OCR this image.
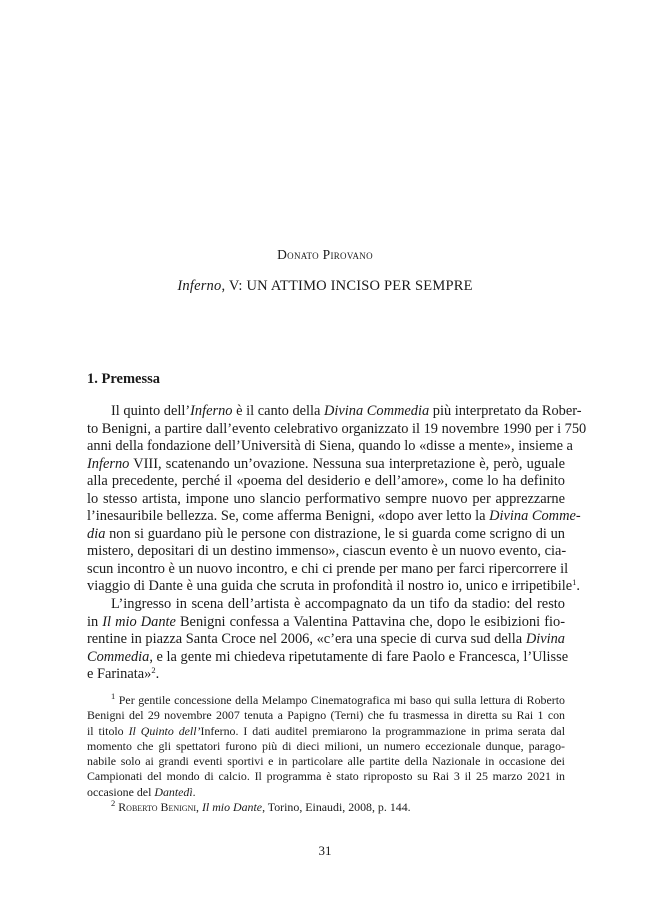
Donato Pirovano
Inferno, V: UN ATTIMO INCISO PER SEMPRE
1. Premessa
Il quinto dell’Inferno è il canto della Divina Commedia più interpretato da Rober-
to Benigni, a partire dall’evento celebrativo organizzato il 19 novembre 1990 per i 750
anni della fondazione dell’Università di Siena, quando lo «disse a mente», insieme a
Inferno VIII, scatenando un’ovazione. Nessuna sua interpretazione è, però, uguale
alla precedente, perché il «poema del desiderio e dell’amore», come lo ha definito
lo stesso artista, impone uno slancio performativo sempre nuovo per apprezzarne
l’inesauribile bellezza. Se, come afferma Benigni, «dopo aver letto la Divina Comme-
dia non si guardano più le persone con distrazione, le si guarda come scrigno di un
mistero, depositari di un destino immenso», ciascun evento è un nuovo evento, cia-
scun incontro è un nuovo incontro, e chi ci prende per mano per farci ripercorrere il
viaggio di Dante è una guida che scruta in profondità il nostro io, unico e irripetibile$^1$.
L’ingresso in scena dell’artista è accompagnato da un tifo da stadio: del resto
in Il mio Dante Benigni confessa a Valentina Pattavina che, dopo le esibizioni fio-
rentine in piazza Santa Croce nel 2006, «c’era una specie di curva sud della Divina
Commedia, e la gente mi chiedeva ripetutamente di fare Paolo e Francesca, l’Ulisse
e Farinata»$^2$.
$^1$ Per gentile concessione della Melampo Cinematografica mi baso qui sulla lettura di Roberto
Benigni del 29 novembre 2007 tenuta a Papigno (Terni) che fu trasmessa in diretta su Rai 1 con
il titolo Il Quinto dell’Inferno. I dati auditel premiarono la programmazione in prima serata dal
momento che gli spettatori furono più di dieci milioni, un numero eccezionale dunque, parago-
nabile solo ai grandi eventi sportivi e in particolare alle partite della Nazionale in occasione dei
Campionati del mondo di calcio. Il programma è stato riproposto su Rai 3 il 25 marzo 2021 in
occasione del Dantedì.
$^2$ Roberto Benigni, Il mio Dante, Torino, Einaudi, 2008, p. 144.
31
